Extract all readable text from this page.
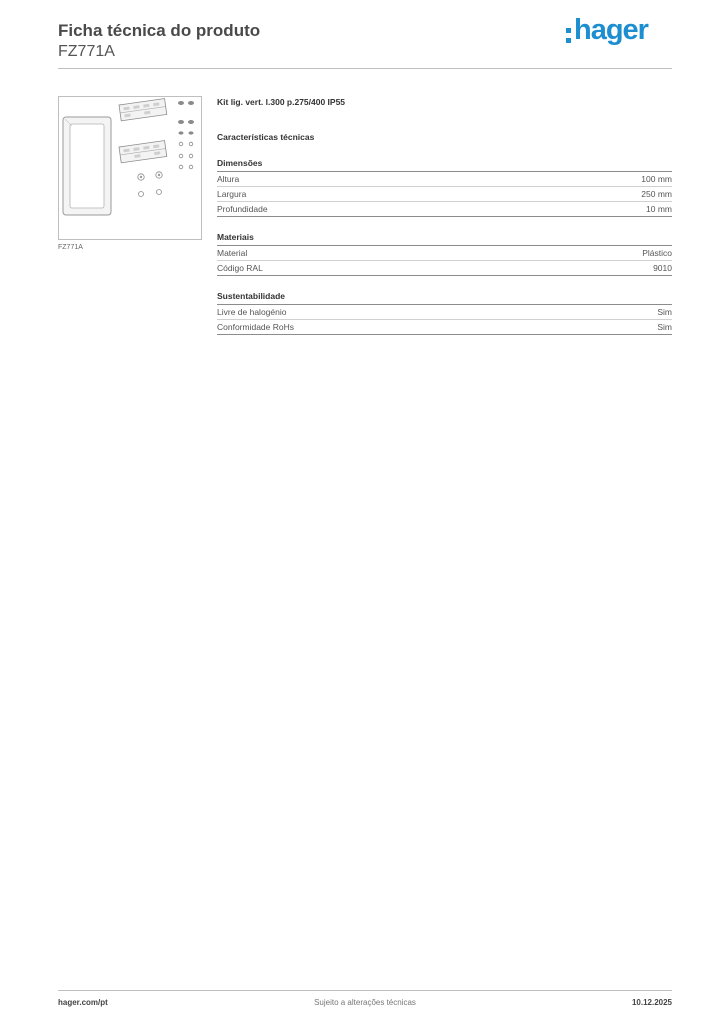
Ficha técnica do produto

FZ771A

hager
FZ771A
Kit lig. vert. l.300 p.275/400 IP55
Características técnicas
Dimensões
Altura	100 mm
Largura	250 mm
Profundidade	10 mm
Materiais
Material	Plástico
Código RAL	9010
Sustentabilidade
Livre de halogénio	Sim
Conformidade RoHs	Sim
hager.com/pt	Sujeito a alterações técnicas	10.12.2025
